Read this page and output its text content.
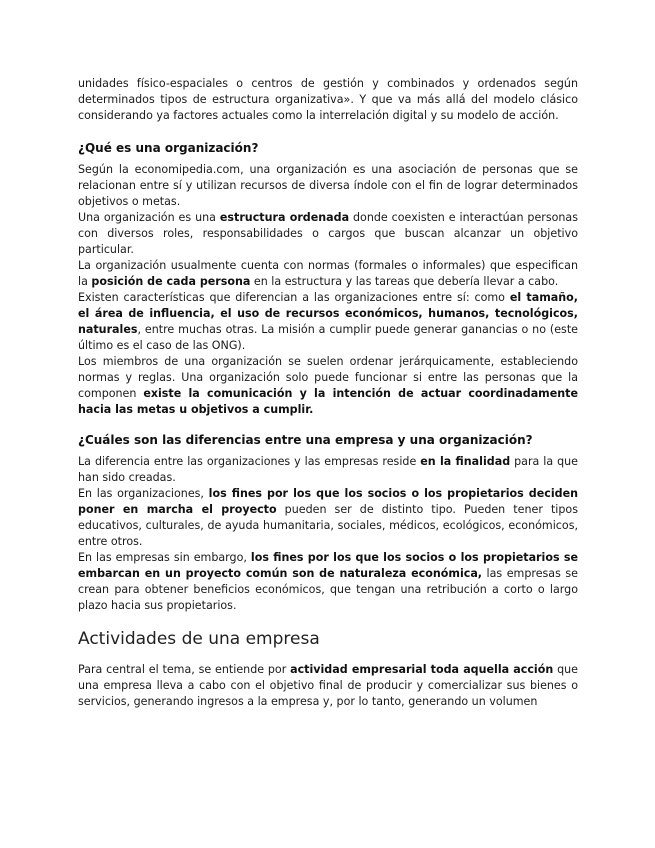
unidades físico-espaciales o centros de gestión y combinados y ordenados según determinados tipos de estructura organizativa». Y que va más allá del modelo clásico considerando ya factores actuales como la interrelación digital y su modelo de acción.

¿Qué es una organización?

Según la economipedia.com, una organización es una asociación de personas que se relacionan entre sí y utilizan recursos de diversa índole con el fin de lograr determinados objetivos o metas.

Una organización es una estructura ordenada donde coexisten e interactúan personas con diversos roles, responsabilidades o cargos que buscan alcanzar un objetivo particular.

La organización usualmente cuenta con normas (formales o informales) que especifican la posición de cada persona en la estructura y las tareas que debería llevar a cabo.

Existen características que diferencian a las organizaciones entre sí: como el tamaño, el área de influencia, el uso de recursos económicos, humanos, tecnológicos, naturales, entre muchas otras. La misión a cumplir puede generar ganancias o no (este último es el caso de las ONG).

Los miembros de una organización se suelen ordenar jerárquicamente, estableciendo normas y reglas. Una organización solo puede funcionar si entre las personas que la componen existe la comunicación y la intención de actuar coordinadamente hacia las metas u objetivos a cumplir.

¿Cuáles son las diferencias entre una empresa y una organización?

La diferencia entre las organizaciones y las empresas reside en la finalidad para la que han sido creadas.

En las organizaciones, los fines por los que los socios o los propietarios deciden poner en marcha el proyecto pueden ser de distinto tipo. Pueden tener tipos educativos, culturales, de ayuda humanitaria, sociales, médicos, ecológicos, económicos, entre otros.

En las empresas sin embargo, los fines por los que los socios o los propietarios se embarcan en un proyecto común son de naturaleza económica, las empresas se crean para obtener beneficios económicos, que tengan una retribución a corto o largo plazo hacia sus propietarios.

Actividades de una empresa

Para central el tema, se entiende por actividad empresarial toda aquella acción que una empresa lleva a cabo con el objetivo final de producir y comercializar sus bienes o servicios, generando ingresos a la empresa y, por lo tanto, generando un volumen
